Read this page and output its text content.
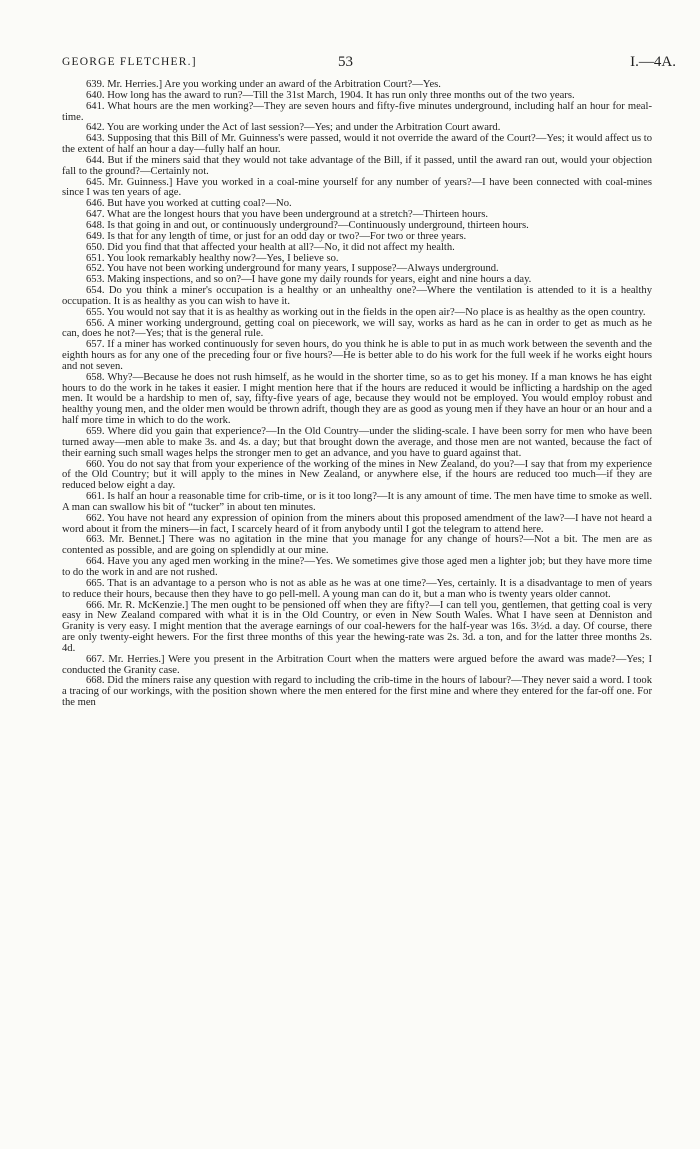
GEORGE FLETCHER.]	53	I.—4A.

639. Mr. Herries.] Are you working under an award of the Arbitration Court?—Yes.

640. How long has the award to run?—Till the 31st March, 1904. It has run only three months out of the two years.

641. What hours are the men working?—They are seven hours and fifty-five minutes underground, including half an hour for meal-time.

642. You are working under the Act of last session?—Yes; and under the Arbitration Court award.

643. Supposing that this Bill of Mr. Guinness's were passed, would it not override the award of the Court?—Yes; it would affect us to the extent of half an hour a day—fully half an hour.

644. But if the miners said that they would not take advantage of the Bill, if it passed, until the award ran out, would your objection fall to the ground?—Certainly not.

645. Mr. Guinness.] Have you worked in a coal-mine yourself for any number of years?—I have been connected with coal-mines since I was ten years of age.

646. But have you worked at cutting coal?—No.

647. What are the longest hours that you have been underground at a stretch?—Thirteen hours.

648. Is that going in and out, or continuously underground?—Continuously underground, thirteen hours.

649. Is that for any length of time, or just for an odd day or two?—For two or three years.

650. Did you find that that affected your health at all?—No, it did not affect my health.

651. You look remarkably healthy now?—Yes, I believe so.

652. You have not been working underground for many years, I suppose?—Always underground.

653. Making inspections, and so on?—I have gone my daily rounds for years, eight and nine hours a day.

654. Do you think a miner's occupation is a healthy or an unhealthy one?—Where the ventilation is attended to it is a healthy occupation. It is as healthy as you can wish to have it.

655. You would not say that it is as healthy as working out in the fields in the open air?—No place is as healthy as the open country.

656. A miner working underground, getting coal on piecework, we will say, works as hard as he can in order to get as much as he can, does he not?—Yes; that is the general rule.

657. If a miner has worked continuously for seven hours, do you think he is able to put in as much work between the seventh and the eighth hours as for any one of the preceding four or five hours?—He is better able to do his work for the full week if he works eight hours and not seven.

658. Why?—Because he does not rush himself, as he would in the shorter time, so as to get his money. If a man knows he has eight hours to do the work in he takes it easier. I might mention here that if the hours are reduced it would be inflicting a hardship on the aged men. It would be a hardship to men of, say, fifty-five years of age, because they would not be employed. You would employ robust and healthy young men, and the older men would be thrown adrift, though they are as good as young men if they have an hour or an hour and a half more time in which to do the work.

659. Where did you gain that experience?—In the Old Country—under the sliding-scale. I have been sorry for men who have been turned away—men able to make 3s. and 4s. a day; but that brought down the average, and those men are not wanted, because the fact of their earning such small wages helps the stronger men to get an advance, and you have to guard against that.

660. You do not say that from your experience of the working of the mines in New Zealand, do you?—I say that from my experience of the Old Country; but it will apply to the mines in New Zealand, or anywhere else, if the hours are reduced too much—if they are reduced below eight a day.

661. Is half an hour a reasonable time for crib-time, or is it too long?—It is any amount of time. The men have time to smoke as well. A man can swallow his bit of “tucker” in about ten minutes.

662. You have not heard any expression of opinion from the miners about this proposed amendment of the law?—I have not heard a word about it from the miners—in fact, I scarcely heard of it from anybody until I got the telegram to attend here.

663. Mr. Bennet.] There was no agitation in the mine that you manage for any change of hours?—Not a bit. The men are as contented as possible, and are going on splendidly at our mine.

664. Have you any aged men working in the mine?—Yes. We sometimes give those aged men a lighter job; but they have more time to do the work in and are not rushed.

665. That is an advantage to a person who is not as able as he was at one time?—Yes, certainly. It is a disadvantage to men of years to reduce their hours, because then they have to go pell-mell. A young man can do it, but a man who is twenty years older cannot.

666. Mr. R. McKenzie.] The men ought to be pensioned off when they are fifty?—I can tell you, gentlemen, that getting coal is very easy in New Zealand compared with what it is in the Old Country, or even in New South Wales. What I have seen at Denniston and Granity is very easy. I might mention that the average earnings of our coal-hewers for the half-year was 16s. 3½d. a day. Of course, there are only twenty-eight hewers. For the first three months of this year the hewing-rate was 2s. 3d. a ton, and for the latter three months 2s. 4d.

667. Mr. Herries.] Were you present in the Arbitration Court when the matters were argued before the award was made?—Yes; I conducted the Granity case.

668. Did the miners raise any question with regard to including the crib-time in the hours of labour?—They never said a word. I took a tracing of our workings, with the position shown where the men entered for the first mine and where they entered for the far-off one. For the men
